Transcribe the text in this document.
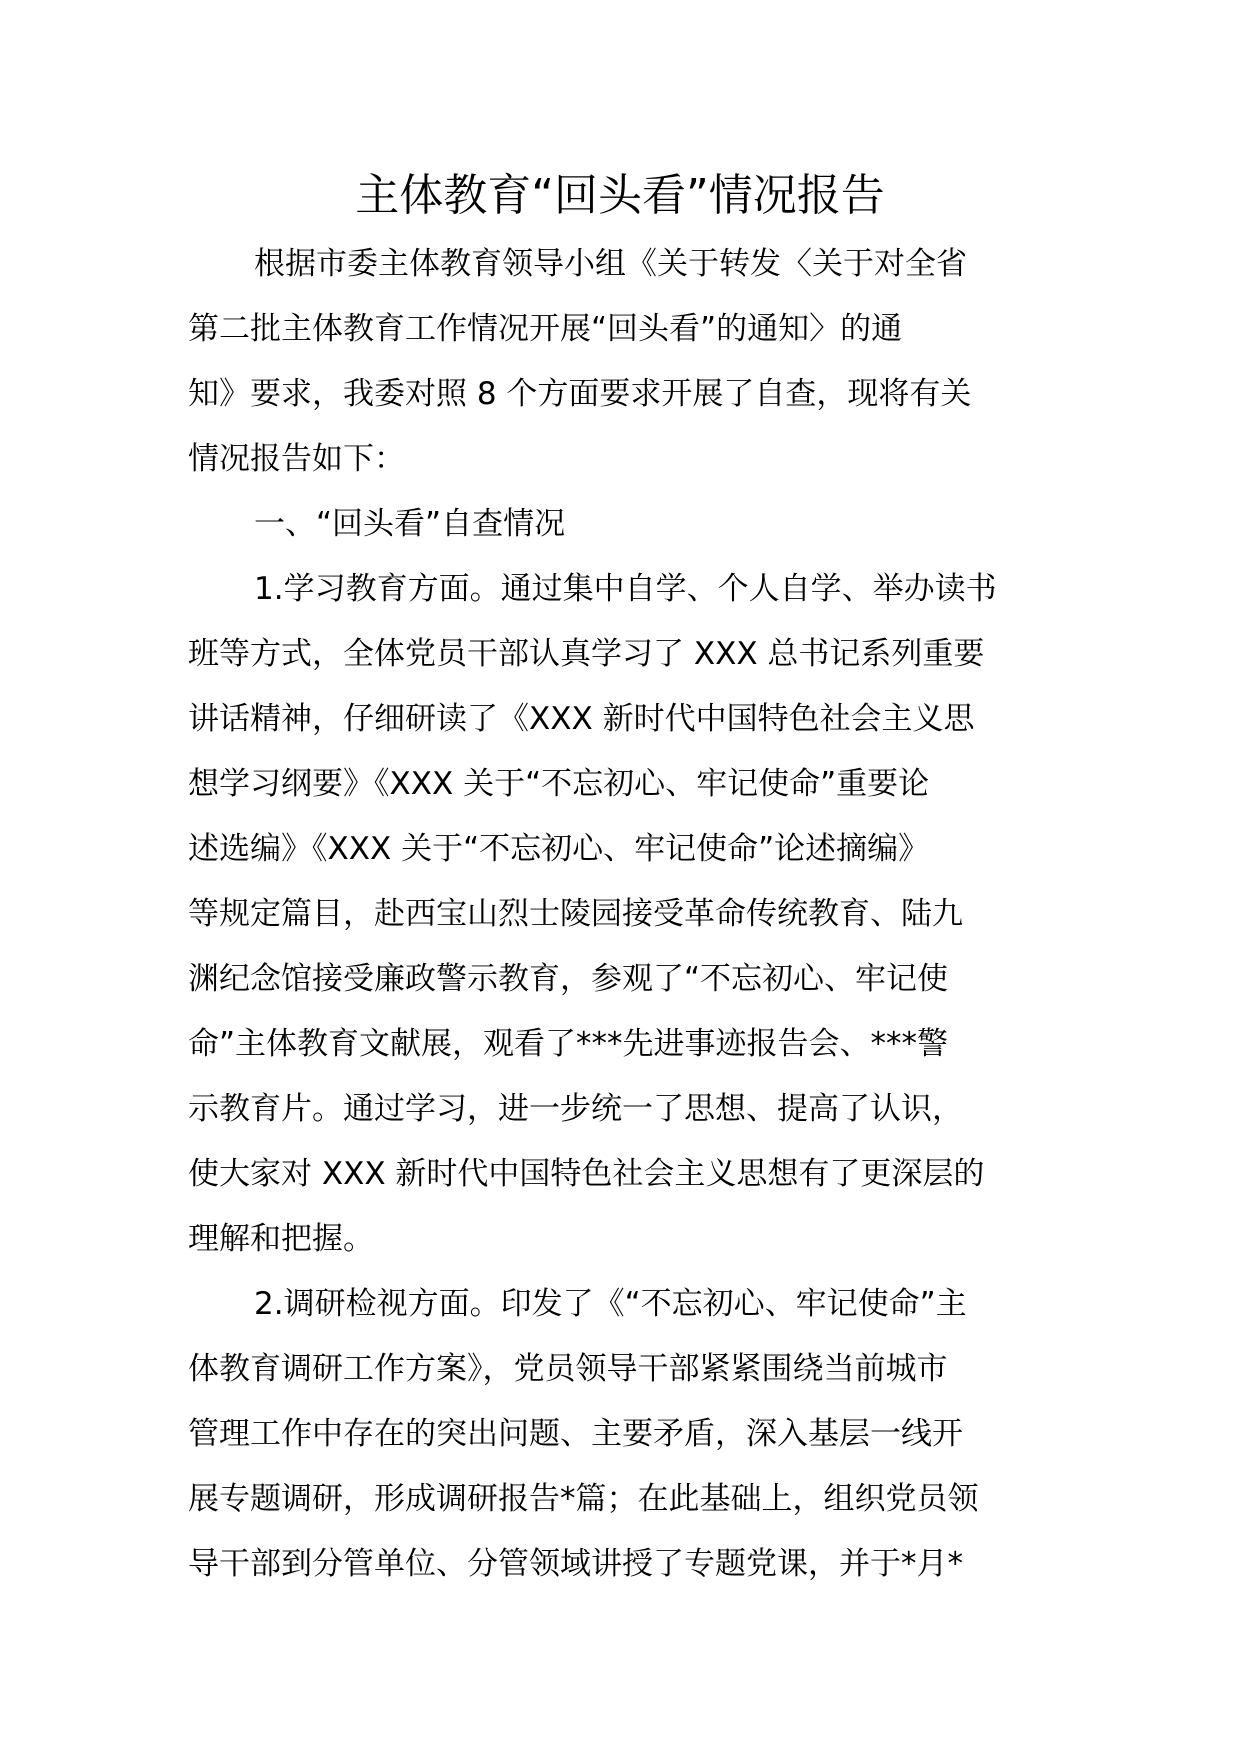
主体教育“回头看”情况报告
根据市委主体教育领导小组《关于转发〈关于对全省
第二批主体教育工作情况开展“回头看”的通知〉的通
知》要求，我委对照 8 个方面要求开展了自查，现将有关
情况报告如下：
一、“回头看”自查情况
1.学习教育方面。通过集中自学、个人自学、举办读书
班等方式，全体党员干部认真学习了 XXX 总书记系列重要
讲话精神，仔细研读了《XXX 新时代中国特色社会主义思
想学习纲要》《XXX 关于“不忘初心、牢记使命”重要论
述选编》《XXX 关于“不忘初心、牢记使命”论述摘编》
等规定篇目，赴西宝山烈士陵园接受革命传统教育、陆九
渊纪念馆接受廉政警示教育，参观了“不忘初心、牢记使
命”主体教育文献展，观看了***先进事迹报告会、***警
示教育片。通过学习，进一步统一了思想、提高了认识，
使大家对 XXX 新时代中国特色社会主义思想有了更深层的
理解和把握。
2.调研检视方面。印发了《“不忘初心、牢记使命”主
体教育调研工作方案》，党员领导干部紧紧围绕当前城市
管理工作中存在的突出问题、主要矛盾，深入基层一线开
展专题调研，形成调研报告*篇；在此基础上，组织党员领
导干部到分管单位、分管领域讲授了专题党课，并于*月*
